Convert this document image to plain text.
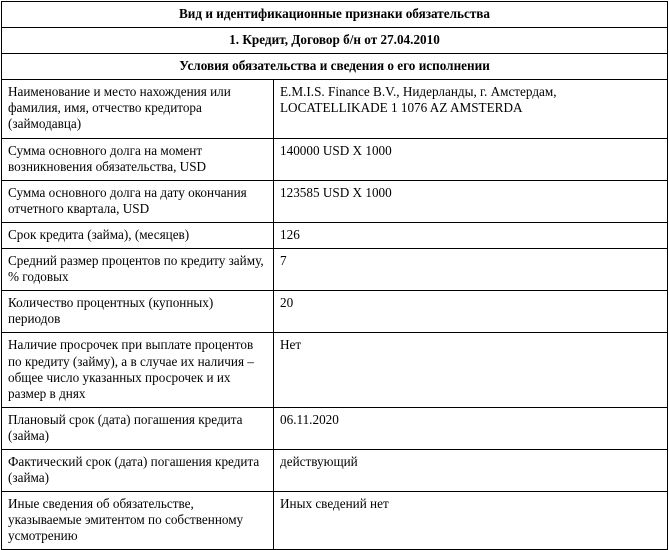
Вид и идентификационные признаки обязательства	
1. Кредит, Договор б/н от 27.04.2010	
Условия обязательства и сведения о его исполнении	
Наименование и место нахождения или фамилия, имя, отчество кредитора (займодавца)	E.M.I.S. Finance B.V., Нидерланды, г. Амстердам, LOCATELLIKADE 1 1076 AZ AMSTERDA
Сумма основного долга на момент возникновения обязательства, USD	140000 USD X 1000
Сумма основного долга на дату окончания отчетного квартала, USD	123585 USD X 1000
Срок кредита (займа), (месяцев)	126
Средний размер процентов по кредиту займу, % годовых	7
Количество процентных (купонных) периодов	20
Наличие просрочек при выплате процентов по кредиту (займу), а в случае их наличия – общее число указанных просрочек и их размер в днях	Нет
Плановый срок (дата) погашения кредита (займа)	06.11.2020
Фактический срок (дата) погашения кредита (займа)	действующий
Иные сведения об обязательстве, указываемые эмитентом по собственному усмотрению	Иных сведений нет
